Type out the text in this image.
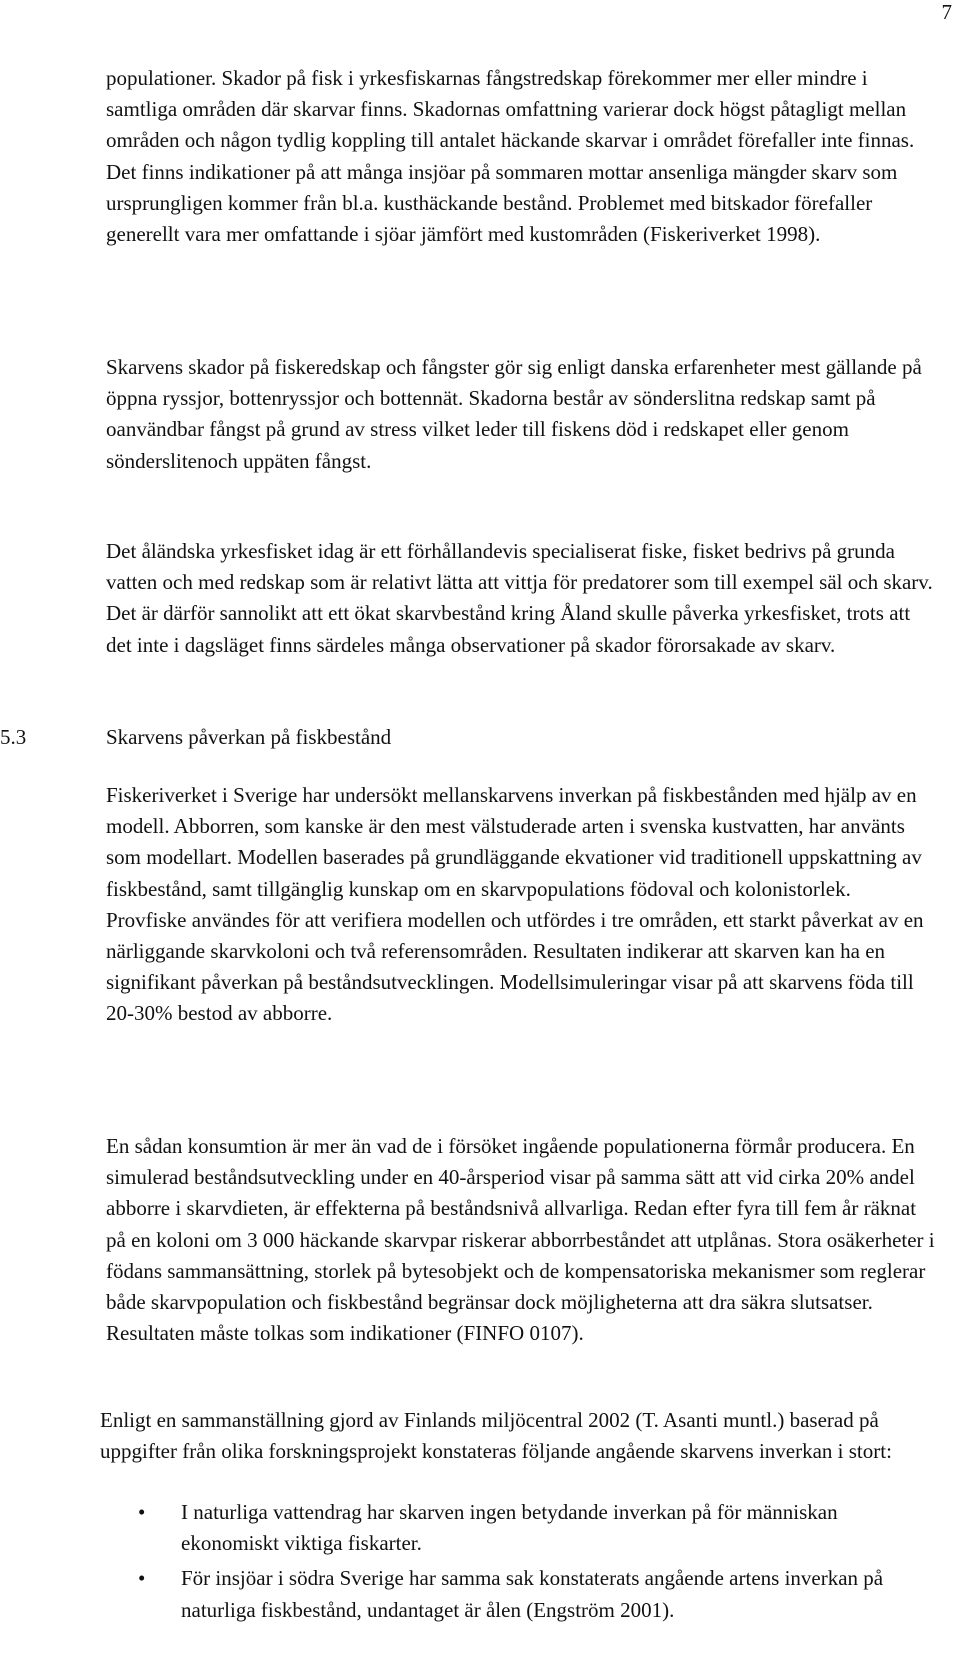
7

populationer. Skador på fisk i yrkesfiskarnas fångstredskap förekommer mer eller mindre i samtliga områden där skarvar finns. Skadornas omfattning varierar dock högst påtagligt mellan områden och någon tydlig koppling till antalet häckande skarvar i området förefaller inte finnas. Det finns indikationer på att många insjöar på sommaren mottar ansenliga mängder skarv som ursprungligen kommer från bl.a. kusthäckande bestånd. Problemet med bitskador förefaller generellt vara mer omfattande i sjöar jämfört med kustområden (Fiskeriverket 1998).

Skarvens skador på fiskeredskap och fångster gör sig enligt danska erfarenheter mest gällande på öppna ryssjor, bottenryssjor och bottennät. Skadorna består av sönderslitna redskap samt på oanvändbar fångst på grund av stress vilket leder till fiskens död i redskapet eller genom sönderslitenoch uppäten fångst.

Det åländska yrkesfisket idag är ett förhållandevis specialiserat fiske, fisket bedrivs på grunda vatten och med redskap som är relativt lätta att vittja för predatorer som till exempel säl och skarv. Det är därför sannolikt att ett ökat skarvbestånd kring Åland skulle påverka yrkesfisket, trots att det inte i dagsläget finns särdeles många observationer på skador förorsakade av skarv.

5.3	Skarvens påverkan på fiskbestånd

Fiskeriverket i Sverige har undersökt mellanskarvens inverkan på fiskbestånden med hjälp av en modell. Abborren, som kanske är den mest välstuderade arten i svenska kustvatten, har använts som modellart. Modellen baserades på grundläggande ekvationer vid traditionell uppskattning av fiskbestånd, samt tillgänglig kunskap om en skarvpopulations födoval och kolonistorlek. Provfiske användes för att verifiera modellen och utfördes i tre områden, ett starkt påverkat av en närliggande skarvkoloni och två referensområden. Resultaten indikerar att skarven kan ha en signifikant påverkan på beståndsutvecklingen. Modellsimuleringar visar på att skarvens föda till 20-30% bestod av abborre.

En sådan konsumtion är mer än vad de i försöket ingående populationerna förmår producera. En simulerad beståndsutveckling under en 40-årsperiod visar på samma sätt att vid cirka 20% andel abborre i skarvdieten, är effekterna på beståndsnivå allvarliga. Redan efter fyra till fem år räknat på en koloni om 3 000 häckande skarvpar riskerar abborrbeståndet att utplånas. Stora osäkerheter i födans sammansättning, storlek på bytesobjekt och de kompensatoriska mekanismer som reglerar både skarvpopulation och fiskbestånd begränsar dock möjligheterna att dra säkra slutsatser. Resultaten måste tolkas som indikationer (FINFO 0107).

Enligt en sammanställning gjord av Finlands miljöcentral 2002 (T. Asanti muntl.) baserad på uppgifter från olika forskningsprojekt konstateras följande angående skarvens inverkan i stort:

• I naturliga vattendrag har skarven ingen betydande inverkan på för människan ekonomiskt viktiga fiskarter.
• För insjöar i södra Sverige har samma sak konstaterats angående artens inverkan på naturliga fiskbestånd, undantaget är ålen (Engström 2001).
